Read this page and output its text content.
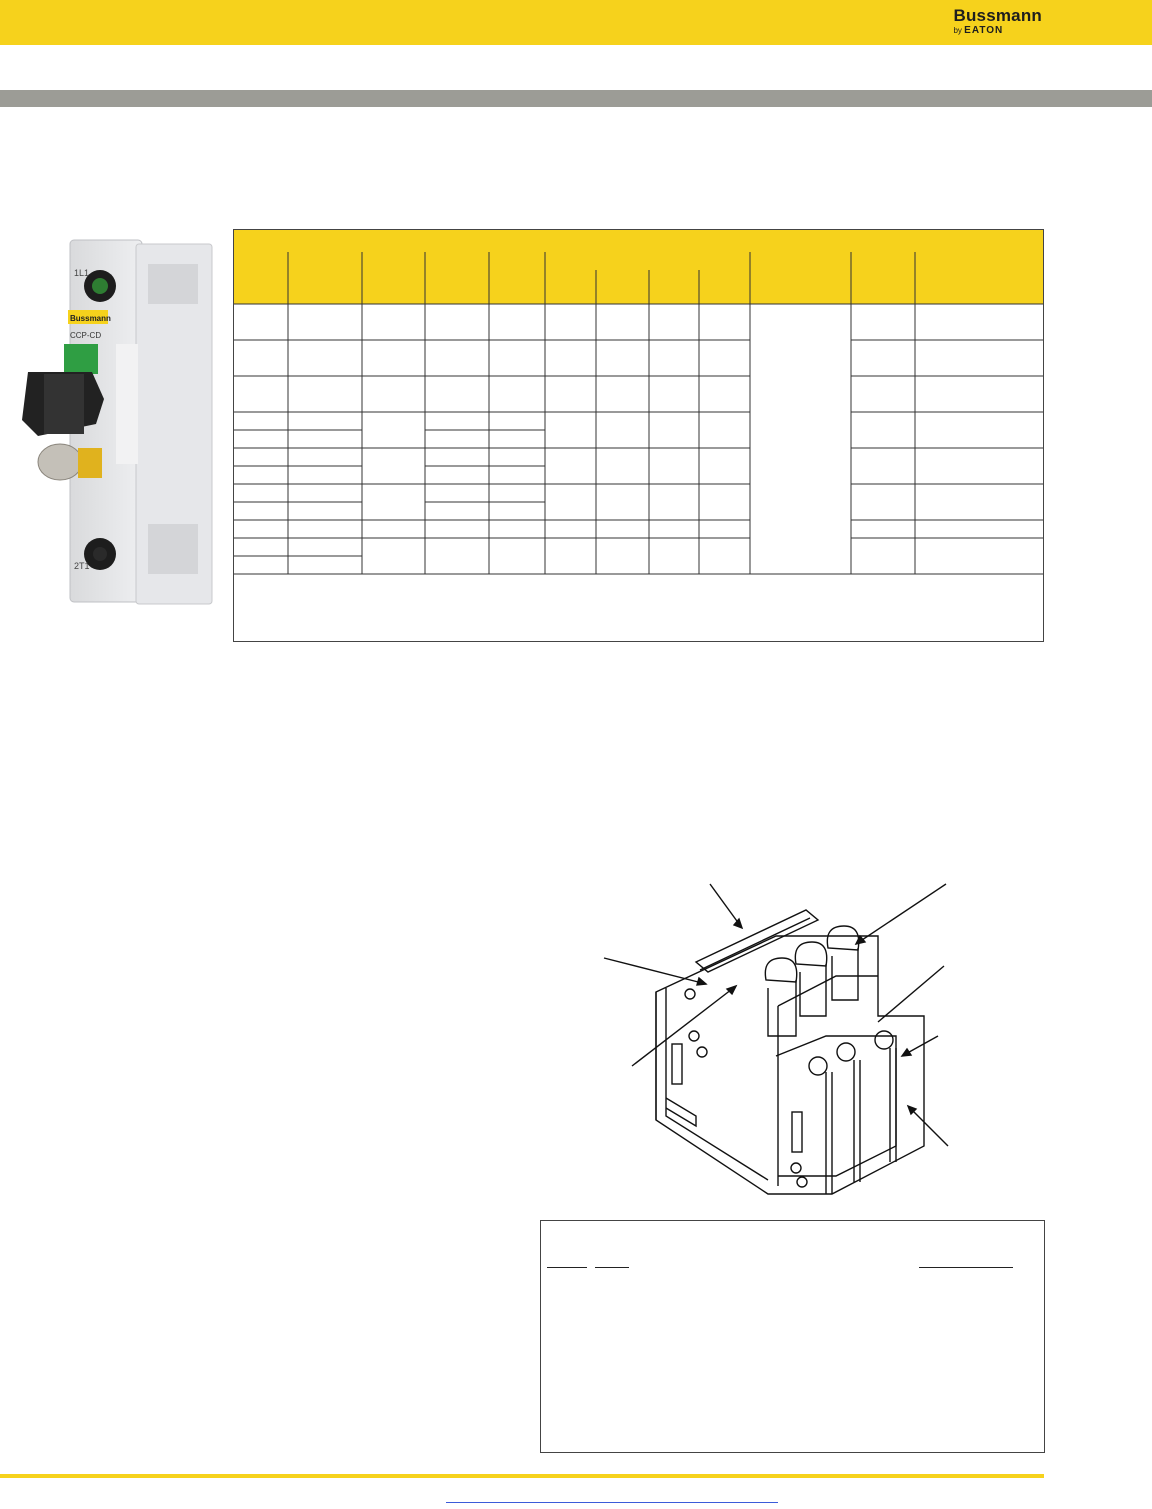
Bussmann
by EATON
1L1
2T1
Bussmann
CCP-CD
